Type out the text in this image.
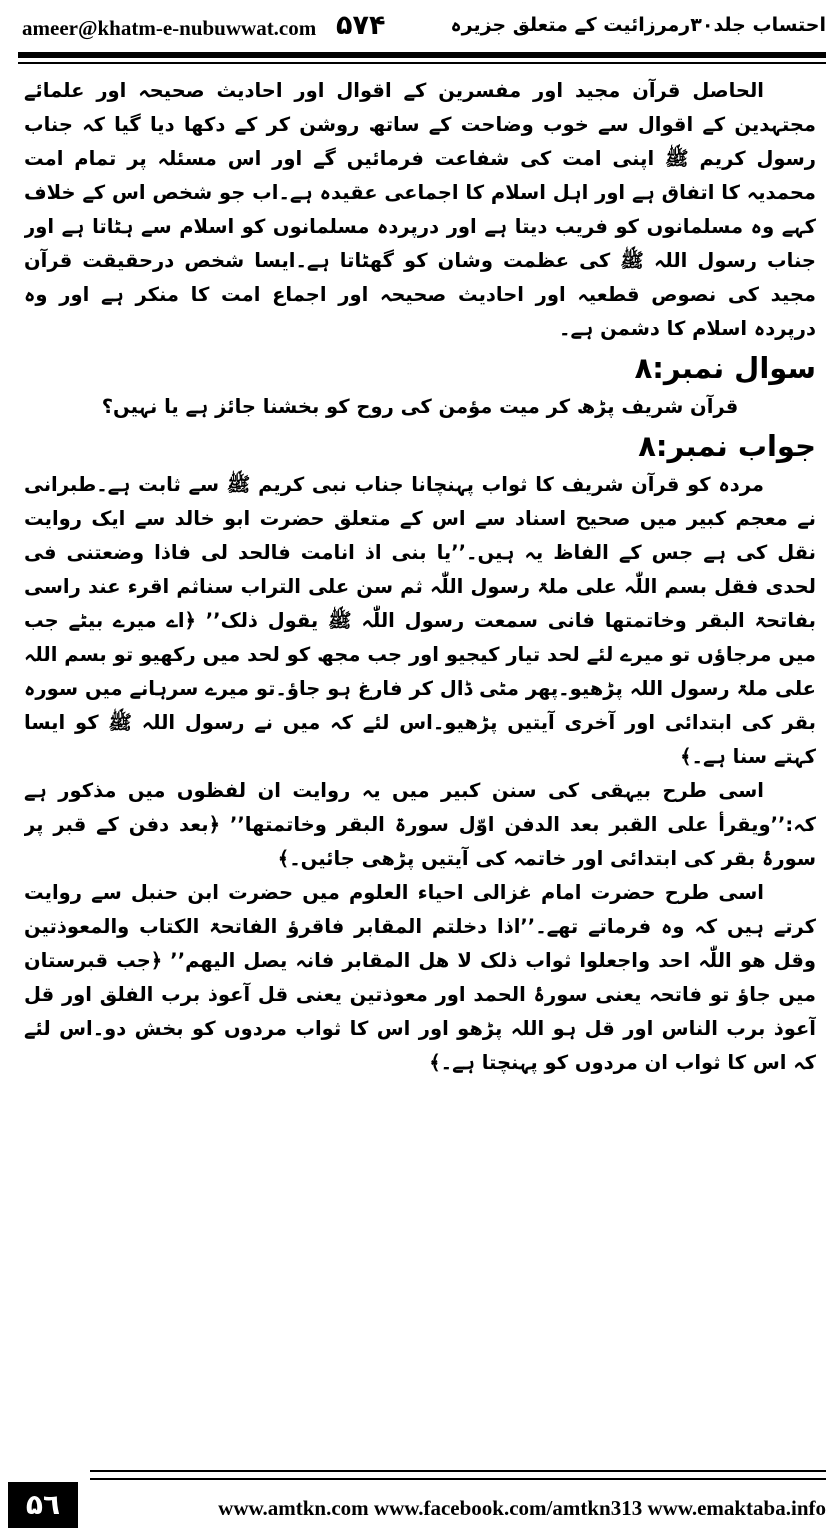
ameer@khatm-e-nubuwwat.com ۵۷۴	احتساب جلد۳۰رمرزائیت کے متعلق جزیرہ

الحاصل قرآن مجید اور مفسرین کے اقوال اور احادیث صحیحہ اور علمائے مجتہدین کے اقوال سے خوب وضاحت کے ساتھ روشن کر کے دکھا دیا گیا کہ جناب رسول کریم ﷺ اپنی امت کی شفاعت فرمائیں گے اور اس مسئلہ پر تمام امت محمدیہ کا اتفاق ہے اور اہل اسلام کا اجماعی عقیدہ ہے۔اب جو شخص اس کے خلاف کہے وہ مسلمانوں کو فریب دیتا ہے اور درپردہ مسلمانوں کو اسلام سے ہٹاتا ہے اور جناب رسول اللہ ﷺ کی عظمت وشان کو گھٹاتا ہے۔ایسا شخص درحقیقت قرآن مجید کی نصوص قطعیہ اور احادیث صحیحہ اور اجماع امت کا منکر ہے اور وہ درپردہ اسلام کا دشمن ہے۔

سوال نمبر:۸

قرآن شریف پڑھ کر میت مؤمن کی روح کو بخشنا جائز ہے یا نہیں؟

جواب نمبر:۸

مردہ کو قرآن شریف کا ثواب پہنچانا جناب نبی کریم ﷺ سے ثابت ہے۔طبرانی نے معجم کبیر میں صحیح اسناد سے اس کے متعلق حضرت ابو خالد سے ایک روایت نقل کی ہے جس کے الفاظ یہ ہیں۔’’یا بنی اذ انامت فالحد لی فاذا وضعتنی فی لحدی فقل بسم اللّٰہ علی ملۃ رسول اللّٰہ ثم سن علی التراب سناثم اقرء عند راسی بفاتحۃ البقر وخاتمتھا فانی سمعت رسول اللّٰہ ﷺ یقول ذلک’’ ﴿اے میرے بیٹے جب میں مرجاؤں تو میرے لئے لحد تیار کیجیو اور جب مجھ کو لحد میں رکھیو تو بسم اللہ علی ملۃ رسول اللہ پڑھیو۔پھر مٹی ڈال کر فارغ ہو جاؤ۔تو میرے سرہانے میں سورہ بقر کی ابتدائی اور آخری آیتیں پڑھیو۔اس لئے کہ میں نے رسول اللہ ﷺ کو ایسا کہتے سنا ہے۔﴾

اسی طرح بیہقی کی سنن کبیر میں یہ روایت ان لفظوں میں مذکور ہے کہ:’’ویقرأ علی القبر بعد الدفن اوّل سورۃ البقر وخاتمتھا’’ ﴿بعد دفن کے قبر پر سورۂ بقر کی ابتدائی اور خاتمہ کی آیتیں پڑھی جائیں۔﴾

اسی طرح حضرت امام غزالی احیاء العلوم میں حضرت ابن حنبل سے روایت کرتے ہیں کہ وہ فرماتے تھے۔’’اذا دخلتم المقابر فاقرؤ الفاتحۃ الکتاب والمعوذتین وقل ھو اللّٰہ احد واجعلوا ثواب ذلک لا ھل المقابر فانہ یصل الیھم’’ ﴿جب قبرستان میں جاؤ تو فاتحہ یعنی سورۂ الحمد اور معوذتین یعنی قل آعوذ برب الفلق اور قل آعوذ برب الناس اور قل ہو اللہ پڑھو اور اس کا ثواب مردوں کو بخش دو۔اس لئے کہ اس کا ثواب ان مردوں کو پہنچتا ہے۔﴾

۵٦	www.amtkn.com www.facebook.com/amtkn313 www.emaktaba.info
